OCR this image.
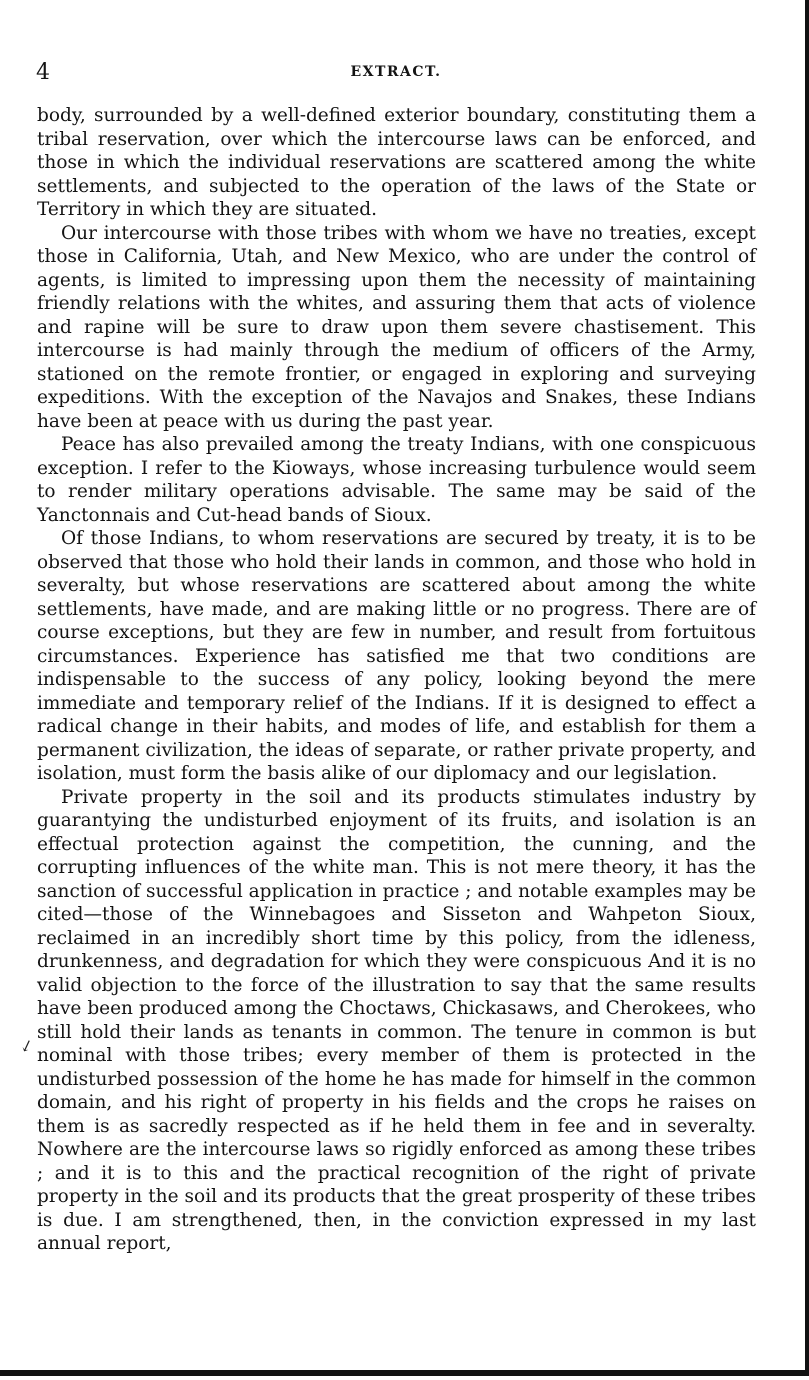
4	EXTRACT.

body, surrounded by a well-defined exterior boundary, constituting them a tribal reservation, over which the intercourse laws can be enforced, and those in which the individual reservations are scattered among the white settlements, and subjected to the operation of the laws of the State or Territory in which they are situated.

Our intercourse with those tribes with whom we have no treaties, except those in California, Utah, and New Mexico, who are under the control of agents, is limited to impressing upon them the necessity of maintaining friendly relations with the whites, and assuring them that acts of violence and rapine will be sure to draw upon them severe chastisement. This intercourse is had mainly through the medium of officers of the Army, stationed on the remote frontier, or engaged in exploring and surveying expeditions. With the exception of the Navajos and Snakes, these Indians have been at peace with us during the past year.

Peace has also prevailed among the treaty Indians, with one conspicuous exception. I refer to the Kioways, whose increasing turbulence would seem to render military operations advisable. The same may be said of the Yanctonnais and Cut-head bands of Sioux.

Of those Indians, to whom reservations are secured by treaty, it is to be observed that those who hold their lands in common, and those who hold in severalty, but whose reservations are scattered about among the white settlements, have made, and are making little or no progress. There are of course exceptions, but they are few in number, and result from fortuitous circumstances. Experience has satisfied me that two conditions are indispensable to the success of any policy, looking beyond the mere immediate and temporary relief of the Indians. If it is designed to effect a radical change in their habits, and modes of life, and establish for them a permanent civilization, the ideas of separate, or rather private property, and isolation, must form the basis alike of our diplomacy and our legislation.

Private property in the soil and its products stimulates industry by guarantying the undisturbed enjoyment of its fruits, and isolation is an effectual protection against the competition, the cunning, and the corrupting influences of the white man. This is not mere theory, it has the sanction of successful application in practice ; and notable examples may be cited—those of the Winnebagoes and Sisseton and Wahpeton Sioux, reclaimed in an incredibly short time by this policy, from the idleness, drunkenness, and degradation for which they were conspicuous And it is no valid objection to the force of the illustration to say that the same results have been produced among the Choctaws, Chickasaws, and Cherokees, who still hold their lands as tenants in common. The tenure in common is but nominal with those tribes; every member of them is protected in the undisturbed possession of the home he has made for himself in the common domain, and his right of property in his fields and the crops he raises on them is as sacredly respected as if he held them in fee and in severalty. Nowhere are the intercourse laws so rigidly enforced as among these tribes ; and it is to this and the practical recognition of the right of private property in the soil and its products that the great prosperity of these tribes is due. I am strengthened, then, in the conviction expressed in my last annual report,

↙
